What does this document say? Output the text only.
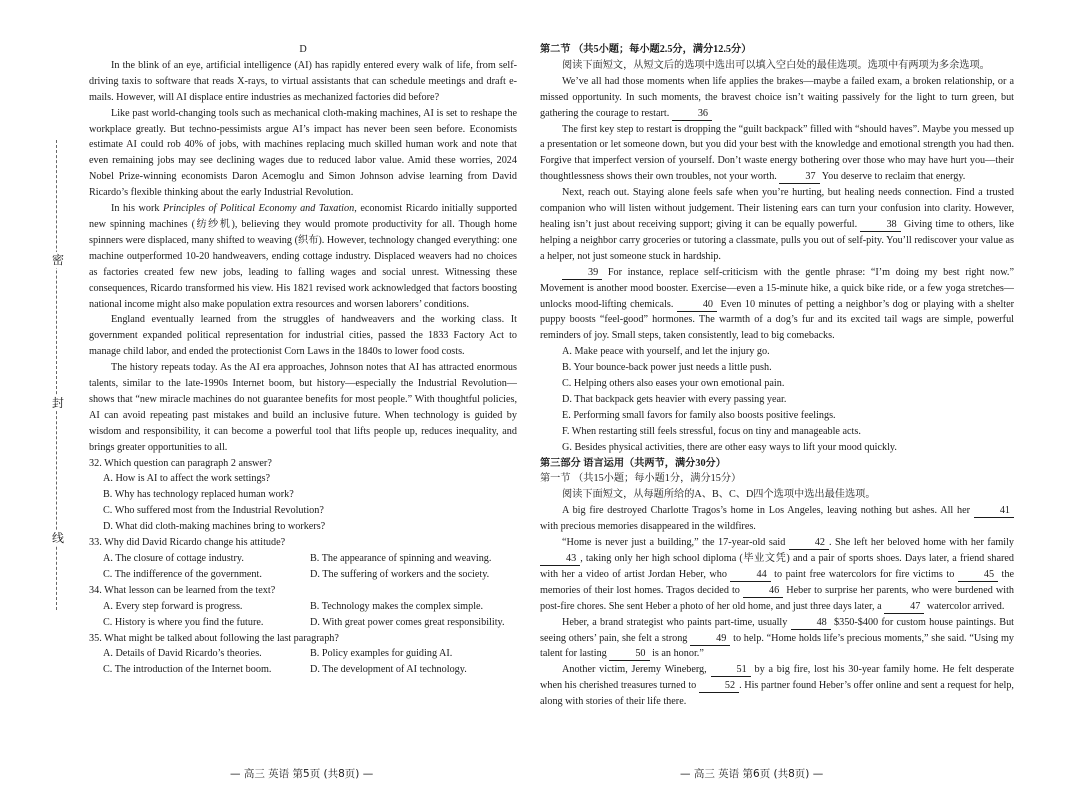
密
封
线

D

In the blink of an eye, artificial intelligence (AI) has rapidly entered every walk of life, from self-driving taxis to software that reads X-rays, to virtual assistants that can schedule meetings and draft e-mails. However, will AI displace entire industries as mechanized factories did before?

Like past world-changing tools such as mechanical cloth-making machines, AI is set to reshape the workplace greatly. But techno-pessimists argue AI’s impact has never been seen before. Economists estimate AI could rob 40% of jobs, with machines replacing much skilled human work and note that even remaining jobs may see declining wages due to reduced labor value. Amid these worries, 2024 Nobel Prize-winning economists Daron Acemoglu and Simon Johnson advise learning from David Ricardo’s flexible thinking about the early Industrial Revolution.

In his work Principles of Political Economy and Taxation, economist Ricardo initially supported new spinning machines (纺纱机), believing they would promote productivity for all. Though home spinners were displaced, many shifted to weaving (织布). However, technology changed everything: one machine outperformed 10-20 handweavers, ending cottage industry. Displaced weavers had no choices as factories created few new jobs, leading to falling wages and social unrest. Witnessing these consequences, Ricardo transformed his view. His 1821 revised work acknowledged that factors boosting national income might also make population extra resources and worsen laborers’ conditions.

England eventually learned from the struggles of handweavers and the working class. It government expanded political representation for industrial cities, passed the 1833 Factory Act to manage child labor, and ended the protectionist Corn Laws in the 1840s to lower food costs.

The history repeats today. As the AI era approaches, Johnson notes that AI has attracted enormous talents, similar to the late-1990s Internet boom, but history—especially the Industrial Revolution—shows that “new miracle machines do not guarantee benefits for most people.” With thoughtful policies, AI can avoid repeating past mistakes and build an inclusive future. When technology is guided by wisdom and responsibility, it can become a powerful tool that lifts people up, reduces inequality, and brings greater opportunities to all.

32. Which question can paragraph 2 answer?

A. How is AI to affect the work settings?
B. Why has technology replaced human work?
C. Who suffered most from the Industrial Revolution?
D. What did cloth-making machines bring to workers?

33. Why did David Ricardo change his attitude?

A. The closure of cottage industry.	B. The appearance of spinning and weaving.
C. The indifference of the government.	D. The suffering of workers and the society.

34. What lesson can be learned from the text?

A. Every step forward is progress.	B. Technology makes the complex simple.
C. History is where you find the future.	D. With great power comes great responsibility.

35. What might be talked about following the last paragraph?

A. Details of David Ricardo’s theories.	B. Policy examples for guiding AI.
C. The introduction of the Internet boom.	D. The development of AI technology.
— 高三 英语 第5页 (共8页) —

第二节 （共5小题；每小题2.5分，满分12.5分）

阅读下面短文，从短文后的选项中选出可以填入空白处的最佳选项。选项中有两项为多余选项。

We’ve all had those moments when life applies the brakes—maybe a failed exam, a broken relationship, or a missed opportunity. In such moments, the bravest choice isn’t waiting passively for the light to turn green, but gathering the courage to restart.	36

The first key step to restart is dropping the “guilt backpack” filled with “should haves”. Maybe you messed up a presentation or let someone down, but you did your best with the knowledge and emotional strength you had then. Forgive that imperfect version of yourself. Don’t waste energy bothering over those who may have hurt you—their thoughtlessness shows their own troubles, not your worth.	37 You deserve to reclaim that energy.

Next, reach out. Staying alone feels safe when you’re hurting, but healing needs connection. Find a trusted companion who will listen without judgement. Their listening ears can turn your confusion into clarity. However, healing isn’t just about receiving support; giving it can be equally powerful.	38 Giving time to others, like helping a neighbor carry groceries or tutoring a classmate, pulls you out of self-pity. You’ll rediscover your value as a helper, not just someone stuck in hardship.

39 For instance, replace self-criticism with the gentle phrase: “I’m doing my best right now.” Movement is another mood booster. Exercise—even a 15-minute hike, a quick bike ride, or a few yoga stretches—unlocks mood-lifting chemicals.	40 Even 10 minutes of petting a neighbor’s dog or playing with a shelter puppy boosts “feel-good” hormones. The warmth of a dog’s fur and its excited tail wags are simple, powerful reminders of joy. Small steps, taken consistently, lead to big comebacks.

A. Make peace with yourself, and let the injury go.
B. Your bounce-back power just needs a little push.
C. Helping others also eases your own emotional pain.
D. That backpack gets heavier with every passing year.
E. Performing small favors for family also boosts positive feelings.
F. When restarting still feels stressful, focus on tiny and manageable acts.
G. Besides physical activities, there are other easy ways to lift your mood quickly.

第三部分 语言运用（共两节，满分30分）

第一节 （共15小题；每小题1分，满分15分）

阅读下面短文，从每题所给的A、B、C、D四个选项中选出最佳选项。

A big fire destroyed Charlotte Tragos’s home in Los Angeles, leaving nothing but ashes. All her	41 with precious memories disappeared in the wildfires.

“Home is never just a building,” the 17-year-old said	42 . She left her beloved home with her family 43 , taking only her high school diploma (毕业文凭) and a pair of sports shoes. Days later, a friend shared with her a video of artist Jordan Heber, who	44 to paint free watercolors for fire victims to	45 the memories of their lost homes. Tragos decided to	46 Heber to surprise her parents, who were burdened with post-fire chores. She sent Heber a photo of her old home, and just three days later, a	47 watercolor arrived.

Heber, a brand strategist who paints part-time, usually	48 $350-$400 for custom house paintings. But seeing others’ pain, she felt a strong	49 to help. “Home holds life’s precious moments,” she said. “Using my talent for lasting	50 is an honor.”

Another victim, Jeremy Wineberg,	51 by a big fire, lost his 30-year family home. He felt desperate when his cherished treasures turned to	52 . His partner found Heber’s offer online and sent a request for help, along with stories of their life there.

— 高三 英语 第6页 (共8页) —
